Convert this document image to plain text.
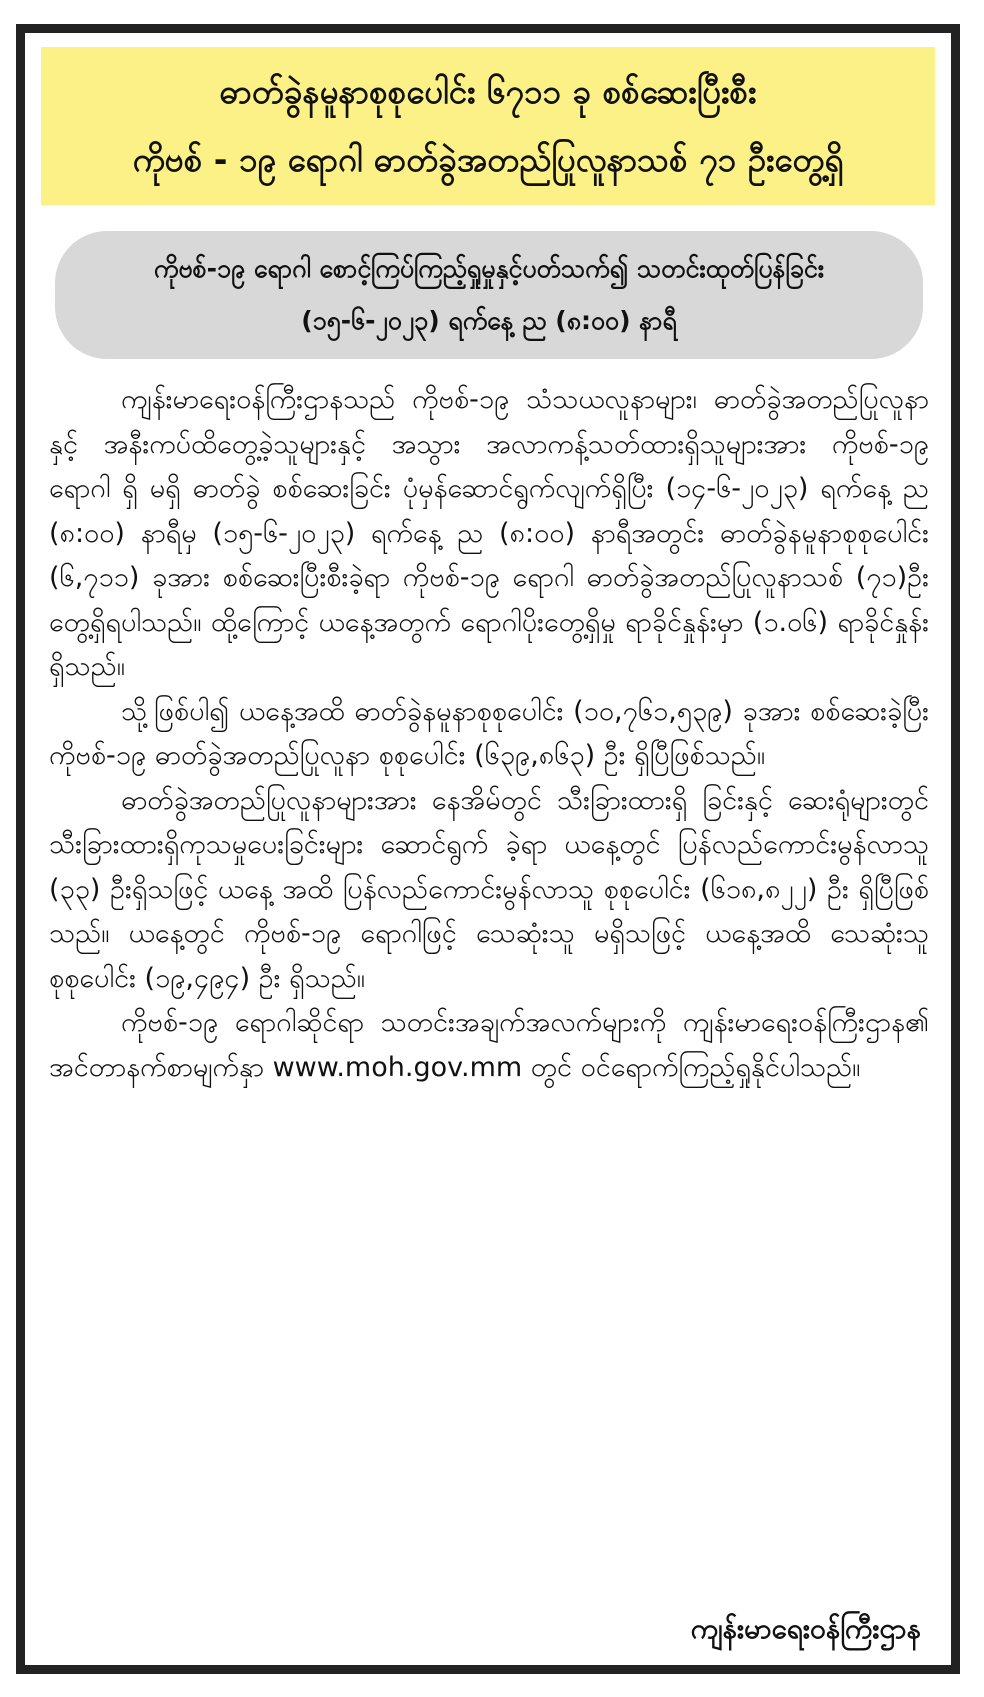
ဓာတ်ခွဲနမူနာစုစုပေါင်း ၆၇၁၁ ခု စစ်ဆေးပြီးစီး
ကိုဗစ် - ၁၉ ရောဂါ ဓာတ်ခွဲအတည်ပြုလူနာသစ် ၇၁ ဦးတွေ့ရှိ
ကိုဗစ်-၁၉ ရောဂါ စောင့်ကြပ်ကြည့်ရှုမှုနှင့်ပတ်သက်၍ သတင်းထုတ်ပြန်ခြင်း
(၁၅-၆-၂၀၂၃) ရက်နေ့ ည (၈:၀၀) နာရီ

ကျန်းမာရေးဝန်ကြီးဌာနသည် ကိုဗစ်-၁၉ သံသယလူနာများ၊ ဓာတ်ခွဲအတည်ပြုလူနာနှင့် အနီးကပ်ထိတွေ့ခဲ့သူများနှင့် အသွား အလာကန့်သတ်ထားရှိသူများအား ကိုဗစ်-၁၉ ရောဂါ ရှိ မရှိ ဓာတ်ခွဲ စစ်ဆေးခြင်း ပုံမှန်ဆောင်ရွက်လျက်ရှိပြီး (၁၄-၆-၂၀၂၃) ရက်နေ့ ည (၈:၀၀) နာရီမှ (၁၅-၆-၂၀၂၃) ရက်နေ့ ည (၈:၀၀) နာရီအတွင်း ဓာတ်ခွဲနမူနာစုစုပေါင်း (၆,၇၁၁) ခုအား စစ်ဆေးပြီးစီးခဲ့ရာ ကိုဗစ်-၁၉ ရောဂါ ဓာတ်ခွဲအတည်ပြုလူနာသစ် (၇၁)ဦး တွေ့ရှိရပါသည်။ ထို့ကြောင့် ယနေ့အတွက် ရောဂါပိုးတွေ့ရှိမှု ရာခိုင်နှုန်းမှာ (၁.၀၆) ရာခိုင်နှုန်း ရှိသည်။

သို့ဖြစ်ပါ၍ ယနေ့အထိ ဓာတ်ခွဲနမူနာစုစုပေါင်း (၁၀,၇၆၁,၅၃၉) ခုအား စစ်ဆေးခဲ့ပြီး ကိုဗစ်-၁၉ ဓာတ်ခွဲအတည်ပြုလူနာ စုစုပေါင်း (၆၃၉,၈၆၃) ဦး ရှိပြီဖြစ်သည်။

ဓာတ်ခွဲအတည်ပြုလူနာများအား နေအိမ်တွင် သီးခြားထားရှိ ခြင်းနှင့် ဆေးရုံများတွင် သီးခြားထားရှိကုသမှုပေးခြင်းများ ဆောင်ရွက် ခဲ့ရာ ယနေ့တွင် ပြန်လည်ကောင်းမွန်လာသူ (၃၃) ဦးရှိသဖြင့် ယနေ့ အထိ ပြန်လည်ကောင်းမွန်လာသူ စုစုပေါင်း (၆၁၈,၈၂၂) ဦး ရှိပြီဖြစ် သည်။ ယနေ့တွင် ကိုဗစ်-၁၉ ရောဂါဖြင့် သေဆုံးသူ မရှိသဖြင့် ယနေ့အထိ သေဆုံးသူစုစုပေါင်း (၁၉,၄၉၄) ဦး ရှိသည်။

ကိုဗစ်-၁၉ ရောဂါဆိုင်ရာ သတင်းအချက်အလက်များကို ကျန်းမာရေးဝန်ကြီးဌာန၏ အင်တာနက်စာမျက်နှာ www.moh.gov.mm တွင် ဝင်ရောက်ကြည့်ရှုနိုင်ပါသည်။

ကျန်းမာရေးဝန်ကြီးဌာန
